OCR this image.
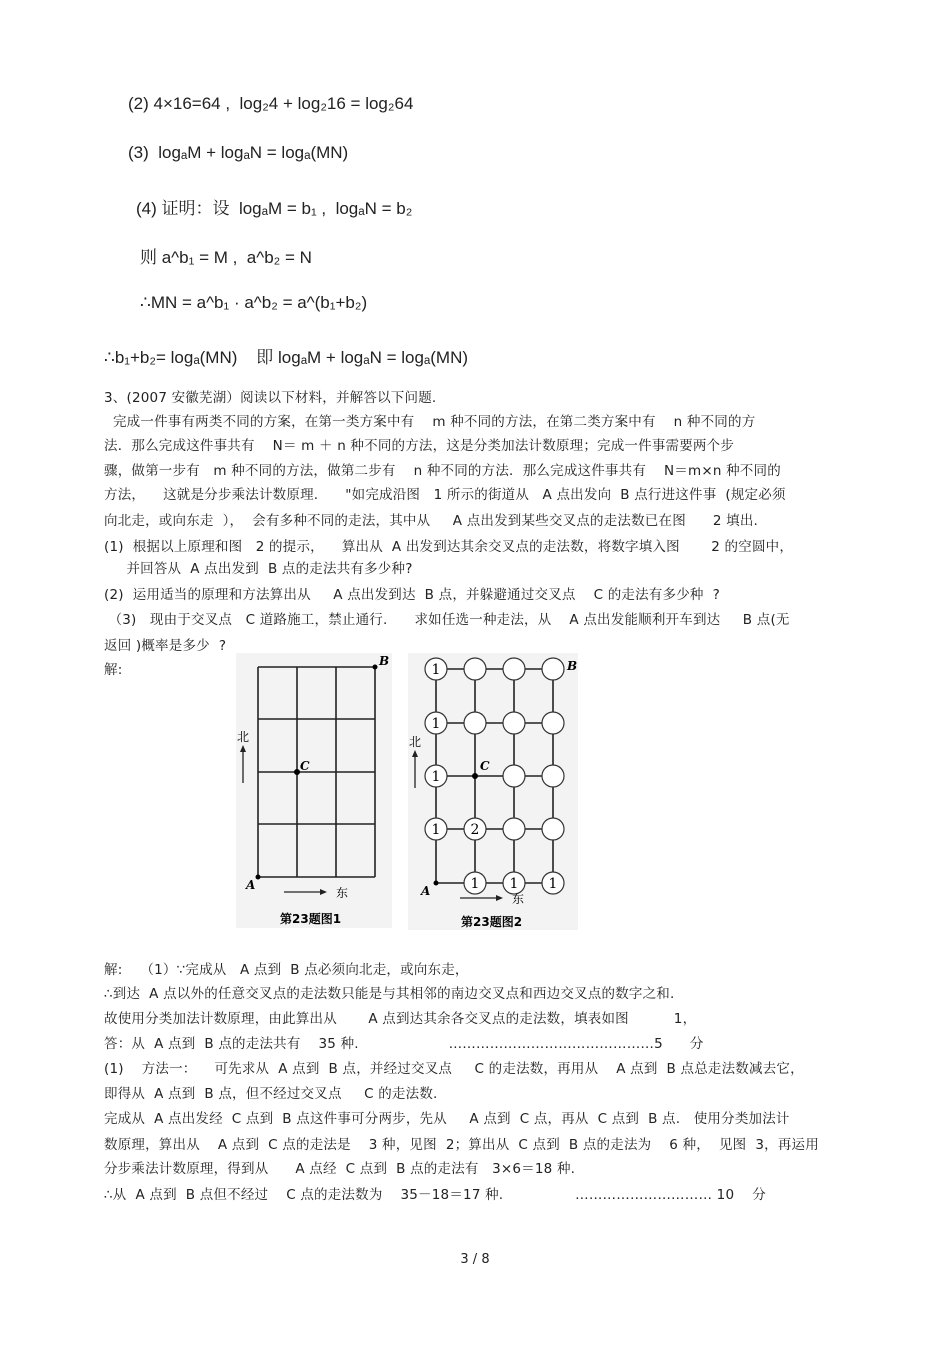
(2) 4×16=64 ,  log₂4 + log₂16 = log₂64
(3)  logₐM + logₐN = logₐ(MN)
(4) 证明：设  logₐM = b₁ ,  logₐN = b₂
则 a^b₁ = M ,  a^b₂ = N
∴MN = a^b₁ · a^b₂ = a^(b₁+b₂)
∴b₁+b₂= logₐ(MN)    即 logₐM + logₐN = logₐ(MN)
3、(2007 安徽芜湖）阅读以下材料，并解答以下问题.
完成一件事有两类不同的方案，在第一类方案中有    m 种不同的方法，在第二类方案中有    n 种不同的方
法．那么完成这件事共有    N＝ m ＋ n 种不同的方法，这是分类加法计数原理；完成一件事需要两个步
骤，做第一步有   m 种不同的方法，做第二步有    n 种不同的方法．那么完成这件事共有    N＝m×n 种不同的
方法，    这就是分步乘法计数原理.      "如完成沿图   1 所示的街道从   A 点出发向  B 点行进这件事  (规定必须
向北走，或向东走  ），  会有多种不同的走法，其中从     A 点出发到某些交叉点的走法数已在图      2 填出.
(1)  根据以上原理和图   2 的提示，    算出从  A 出发到达其余交叉点的走法数，将数字填入图       2 的空圆中，
并回答从  A 点出发到  B 点的走法共有多少种?
(2)  运用适当的原理和方法算出从     A 点出发到达  B 点，并躲避通过交叉点    C 的走法有多少种  ?
（3)   现由于交叉点   C 道路施工，禁止通行.      求如任选一种走法，从    A 点出发能顺利开车到达     B 点(无
返回 )概率是多少  ?
解:
A
B
C
北
东
第23题图1
1
1
1
1 2
1 1 1
A
B
C
北
东
第23题图2
解:    （1）∵完成从   A 点到  B 点必须向北走，或向东走，
∴到达  A 点以外的任意交叉点的走法数只能是与其相邻的南边交叉点和西边交叉点的数字之和.
故使用分类加法计数原理，由此算出从       A 点到达其余各交叉点的走法数，填表如图          1，
答：从  A 点到  B 点的走法共有    35 种.                    ………………………………………5      分
(1)    方法一：    可先求从  A 点到  B 点，并经过交叉点     C 的走法数，再用从    A 点到  B 点总走法数减去它，
即得从  A 点到  B 点，但不经过交叉点     C 的走法数.
完成从  A 点出发经  C 点到  B 点这件事可分两步，先从     A 点到  C 点，再从  C 点到  B 点.   使用分类加法计
数原理，算出从    A 点到  C 点的走法是    3 种，见图  2；算出从  C 点到  B 点的走法为    6 种，  见图  3，再运用
分步乘法计数原理，得到从      A 点经  C 点到  B 点的走法有   3×6＝18 种.
∴从  A 点到  B 点但不经过    C 点的走法数为    35－18＝17 种.                ………………………… 10    分
3 / 8
